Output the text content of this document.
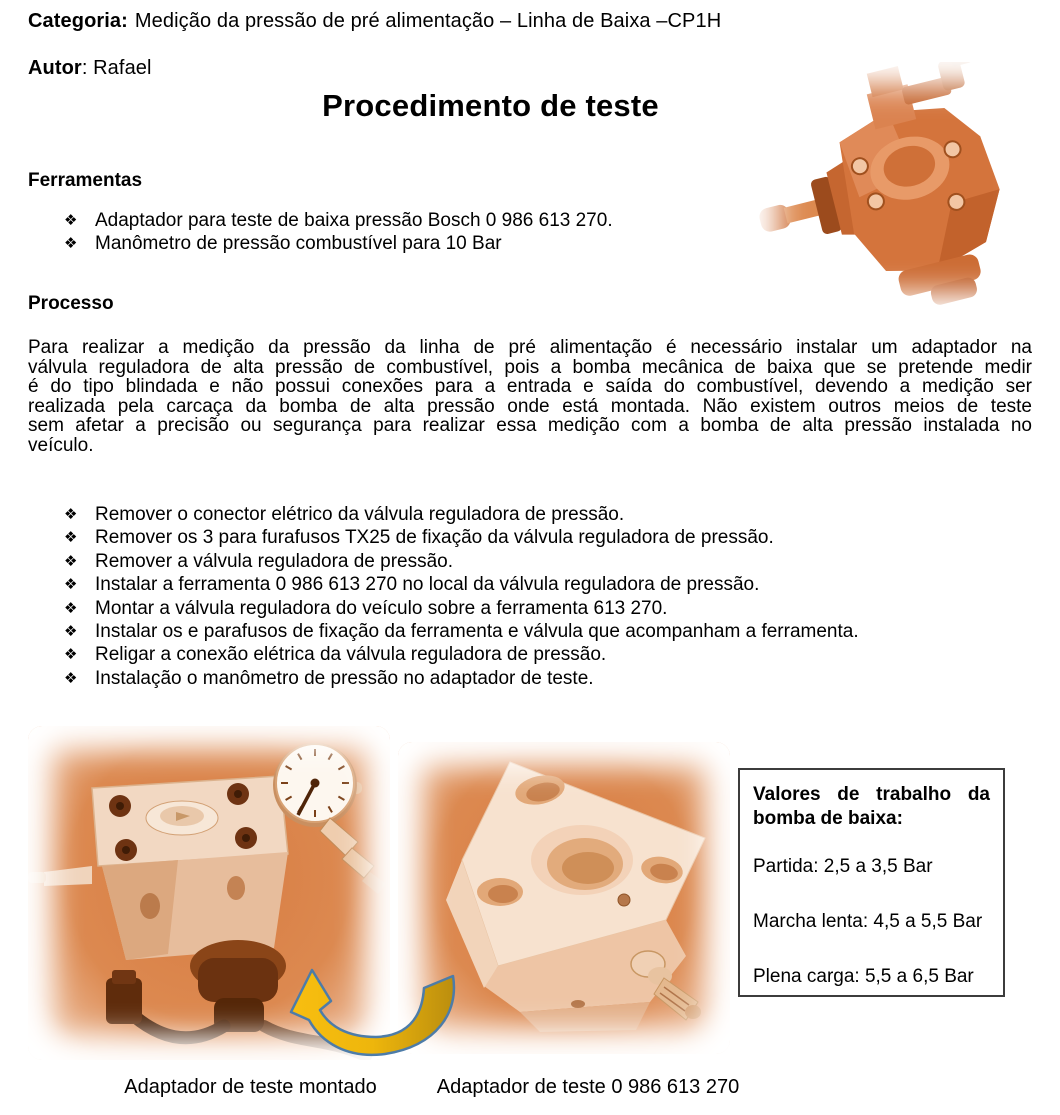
Categoria: Medição da pressão de pré alimentação – Linha de Baixa –CP1H
Autor: Rafael
Procedimento de teste
Ferramentas
❖ Adaptador para teste de baixa pressão Bosch 0 986 613 270.
❖ Manômetro de pressão combustível para 10 Bar
Processo

Para realizar a medição da pressão da linha de pré alimentação é necessário instalar um adaptador na válvula reguladora de alta pressão de combustível, pois a bomba mecânica de baixa que se pretende medir é do tipo blindada e não possui conexões para a entrada e saída do combustível, devendo a medição ser realizada pela carcaça da bomba de alta pressão onde está montada. Não existem outros meios de teste sem afetar a precisão ou segurança para realizar essa medição com a bomba de alta pressão instalada no veículo.

❖ Remover o conector elétrico da válvula reguladora de pressão.
❖ Remover os 3 para furafusos TX25 de fixação da válvula reguladora de pressão.
❖ Remover a válvula reguladora de pressão.
❖ Instalar a ferramenta 0 986 613 270 no local da válvula reguladora de pressão.
❖ Montar a válvula reguladora do veículo sobre a ferramenta 613 270.
❖ Instalar os e parafusos de fixação da ferramenta e válvula que acompanham a ferramenta.
❖ Religar a conexão elétrica da válvula reguladora de pressão.
❖ Instalação o manômetro de pressão no adaptador de teste.
Valores de trabalho da bomba de baixa:
Partida: 2,5 a 3,5 Bar
Marcha lenta: 4,5 a 5,5 Bar
Plena carga: 5,5 a 6,5 Bar
Adaptador de teste montado	Adaptador de teste 0 986 613 270
